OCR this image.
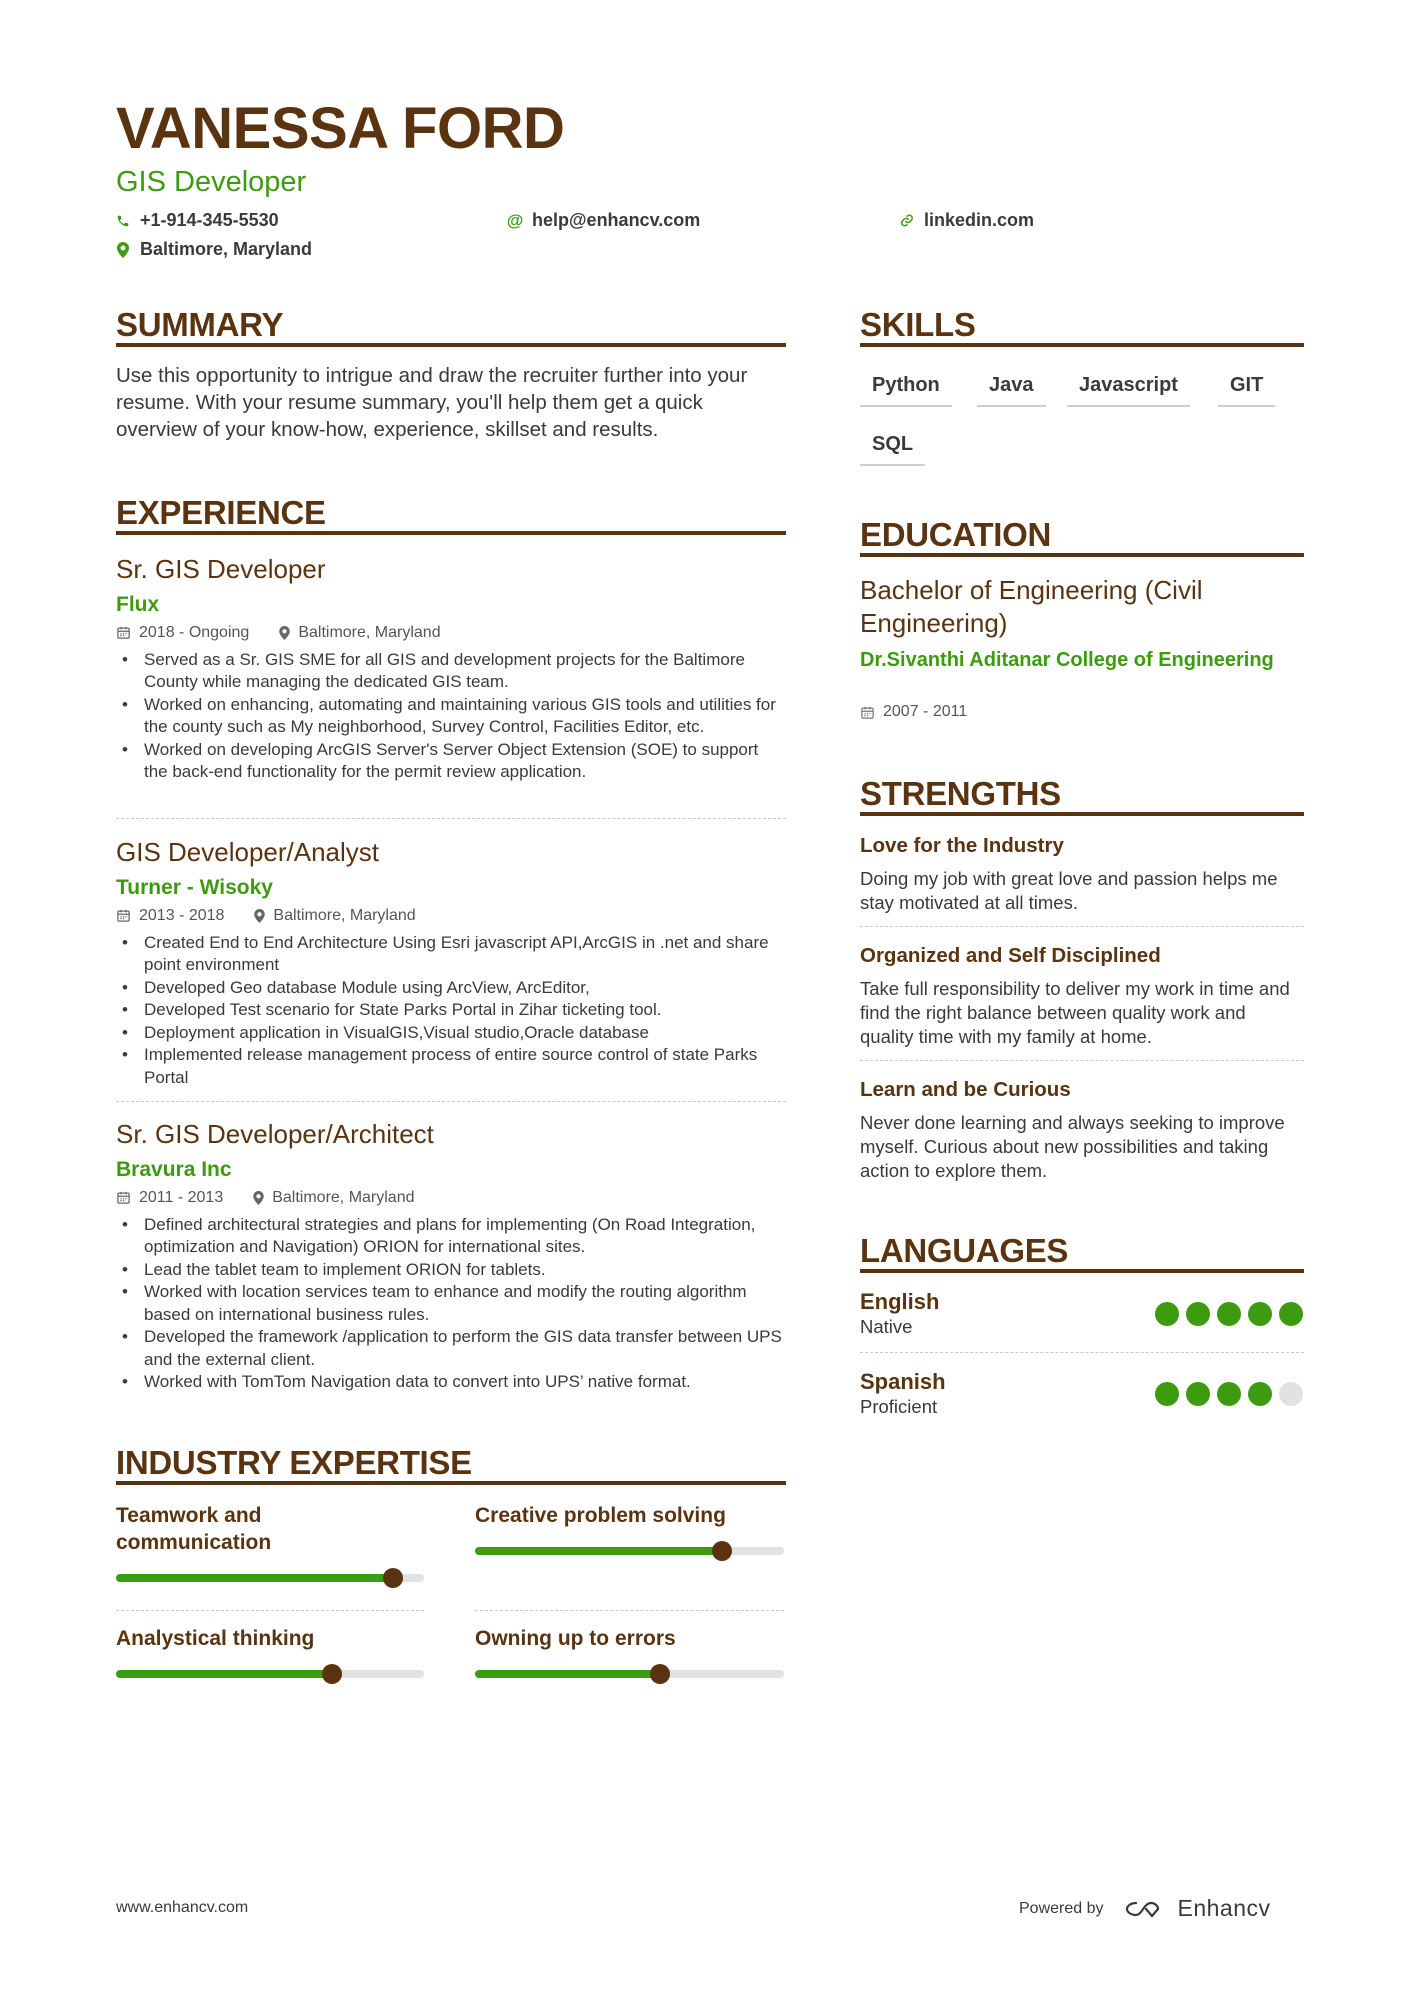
VANESSA FORD
GIS Developer
+1-914-345-5530	@ help@enhancv.com	linkedin.com
Baltimore, Maryland
SUMMARY
Use this opportunity to intrigue and draw the recruiter further into your resume. With your resume summary, you'll help them get a quick overview of your know-how, experience, skillset and results.
EXPERIENCE
Sr. GIS Developer
Flux
2018 - Ongoing	Baltimore, Maryland
• Served as a Sr. GIS SME for all GIS and development projects for the Baltimore County while managing the dedicated GIS team.
• Worked on enhancing, automating and maintaining various GIS tools and utilities for the county such as My neighborhood, Survey Control, Facilities Editor, etc.
• Worked on developing ArcGIS Server's Server Object Extension (SOE) to support the back-end functionality for the permit review application.
GIS Developer/Analyst
Turner - Wisoky
2013 - 2018	Baltimore, Maryland
• Created End to End Architecture Using Esri javascript API,ArcGIS in .net and share point environment
• Developed Geo database Module using ArcView, ArcEditor,
• Developed Test scenario for State Parks Portal in Zihar ticketing tool.
• Deployment application in VisualGIS,Visual studio,Oracle database
• Implemented release management process of entire source control of state Parks Portal
Sr. GIS Developer/Architect
Bravura Inc
2011 - 2013	Baltimore, Maryland
• Defined architectural strategies and plans for implementing (On Road Integration, optimization and Navigation) ORION for international sites.
• Lead the tablet team to implement ORION for tablets.
• Worked with location services team to enhance and modify the routing algorithm based on international business rules.
• Developed the framework /application to perform the GIS data transfer between UPS and the external client.
• Worked with TomTom Navigation data to convert into UPS’ native format.
INDUSTRY EXPERTISE
Teamwork and communication
Creative problem solving
Analystical thinking	Owning up to errors
SKILLS
Python	Java	Javascript	GIT
SQL
EDUCATION
Bachelor of Engineering (Civil Engineering)
Dr.Sivanthi Aditanar College of Engineering
2007 - 2011
STRENGTHS
Love for the Industry
Doing my job with great love and passion helps me stay motivated at all times.
Organized and Self Disciplined
Take full responsibility to deliver my work in time and find the right balance between quality work and quality time with my family at home.
Learn and be Curious
Never done learning and always seeking to improve myself. Curious about new possibilities and taking action to explore them.
LANGUAGES
English
Native
Spanish
Proficient
www.enhancv.com	Powered by	Enhancv
